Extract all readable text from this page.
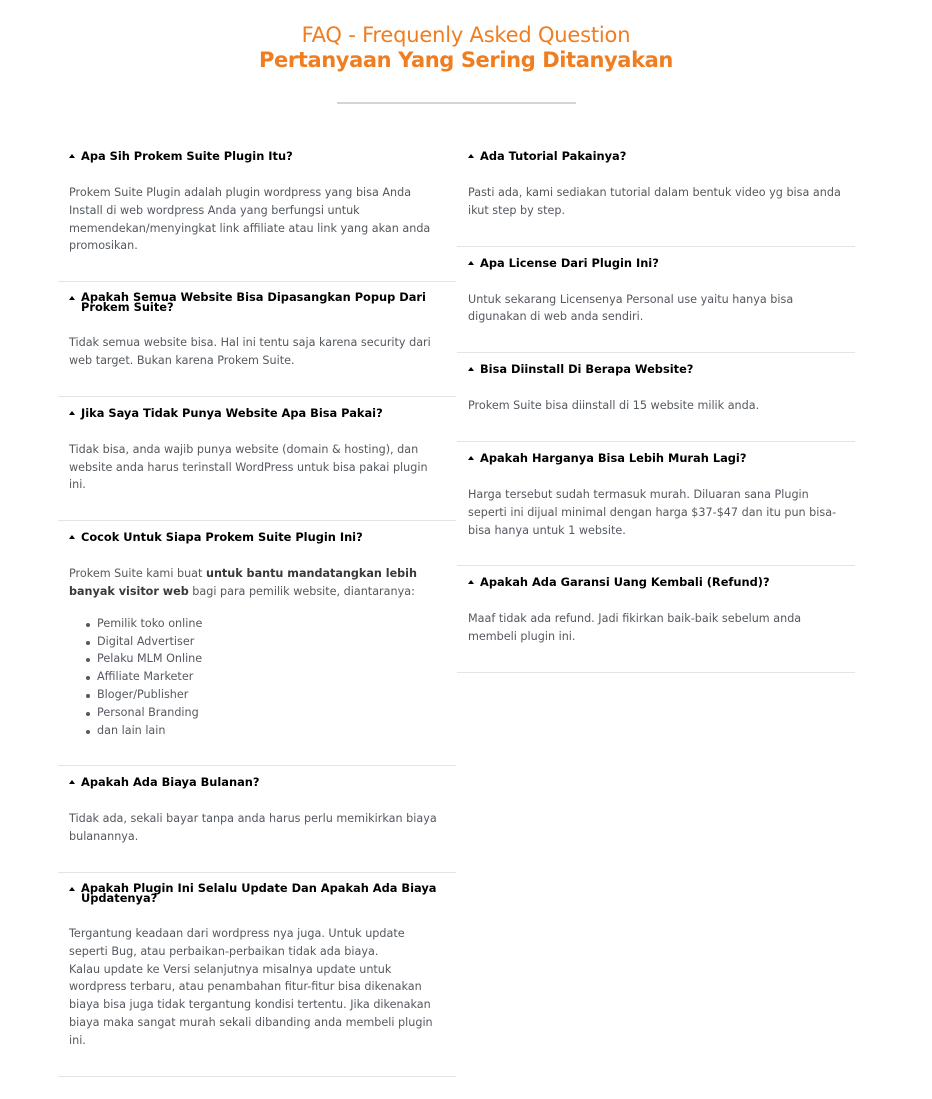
FAQ - Frequenly Asked Question
Pertanyaan Yang Sering Ditanyakan
Apa Sih Prokem Suite Plugin Itu?
Prokem Suite Plugin adalah plugin wordpress yang bisa Anda Install di web wordpress Anda yang berfungsi untuk memendekan/menyingkat link affiliate atau link yang akan anda promosikan.
Apakah Semua Website Bisa Dipasangkan Popup Dari Prokem Suite?
Tidak semua website bisa. Hal ini tentu saja karena security dari web target. Bukan karena Prokem Suite.
Jika Saya Tidak Punya Website Apa Bisa Pakai?
Tidak bisa, anda wajib punya website (domain & hosting), dan website anda harus terinstall WordPress untuk bisa pakai plugin ini.
Cocok Untuk Siapa Prokem Suite Plugin Ini?
Prokem Suite kami buat untuk bantu mandatangkan lebih banyak visitor web bagi para pemilik website, diantaranya:
Pemilik toko online
Digital Advertiser
Pelaku MLM Online
Affiliate Marketer
Bloger/Publisher
Personal Branding
dan lain lain
Apakah Ada Biaya Bulanan?
Tidak ada, sekali bayar tanpa anda harus perlu memikirkan biaya bulanannya.
Apakah Plugin Ini Selalu Update Dan Apakah Ada Biaya Updatenya?
Tergantung keadaan dari wordpress nya juga. Untuk update seperti Bug, atau perbaikan-perbaikan tidak ada biaya.
Kalau update ke Versi selanjutnya misalnya update untuk wordpress terbaru, atau penambahan fitur-fitur bisa dikenakan biaya bisa juga tidak tergantung kondisi tertentu. Jika dikenakan biaya maka sangat murah sekali dibanding anda membeli plugin ini.
Ada Tutorial Pakainya?
Pasti ada, kami sediakan tutorial dalam bentuk video yg bisa anda ikut step by step.
Apa License Dari Plugin Ini?
Untuk sekarang Licensenya Personal use yaitu hanya bisa digunakan di web anda sendiri.
Bisa Diinstall Di Berapa Website?
Prokem Suite bisa diinstall di 15 website milik anda.
Apakah Harganya Bisa Lebih Murah Lagi?
Harga tersebut sudah termasuk murah. Diluaran sana Plugin seperti ini dijual minimal dengan harga $37-$47 dan itu pun bisa-bisa hanya untuk 1 website.
Apakah Ada Garansi Uang Kembali (Refund)?
Maaf tidak ada refund. Jadi fikirkan baik-baik sebelum anda membeli plugin ini.
